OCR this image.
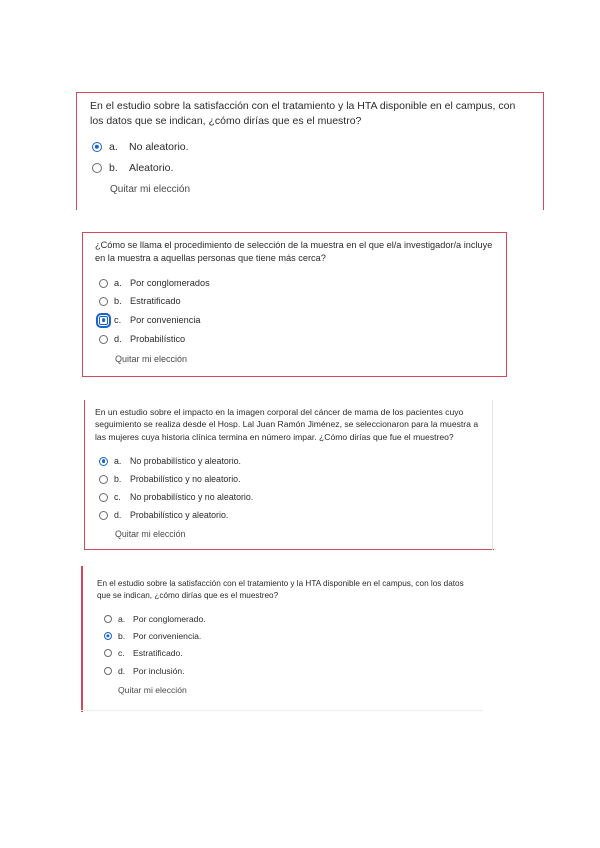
En el estudio sobre la satisfacción con el tratamiento y la HTA disponible en el campus, con los datos que se indican, ¿cómo dirías que es el muestro?

a.	No aleatorio.
b.	Aleatorio.
Quitar mi elección

¿Cómo se llama el procedimiento de selección de la muestra en el que el/a investigador/a incluye en la muestra a aquellas personas que tiene más cerca?

a. Por conglomerados
b. Estratificado
c. Por conveniencia
d. Probabilístico
Quitar mi elección

En un estudio sobre el impacto en la imagen corporal del cáncer de mama de los pacientes cuyo seguimiento se realiza desde el Hosp. Lal Juan Ramón Jiménez, se seleccionaron para la muestra a las mujeres cuya historia clínica termina en número impar. ¿Cómo dirías que fue el muestreo?

a. No probabilístico y aleatorio.
b. Probabilístico y no aleatorio.
c.	No probabilístico y no aleatorio.
d. Probabilístico y aleatorio.
Quitar mi elección

En el estudio sobre la satisfacción con el tratamiento y la HTA disponible en el campus, con los datos que se indican, ¿cómo dirías que es el muestreo?

a. Por conglomerado.
b. Por conveniencia.
c. Estratificado.
d. Por inclusión.
Quitar mi elección
